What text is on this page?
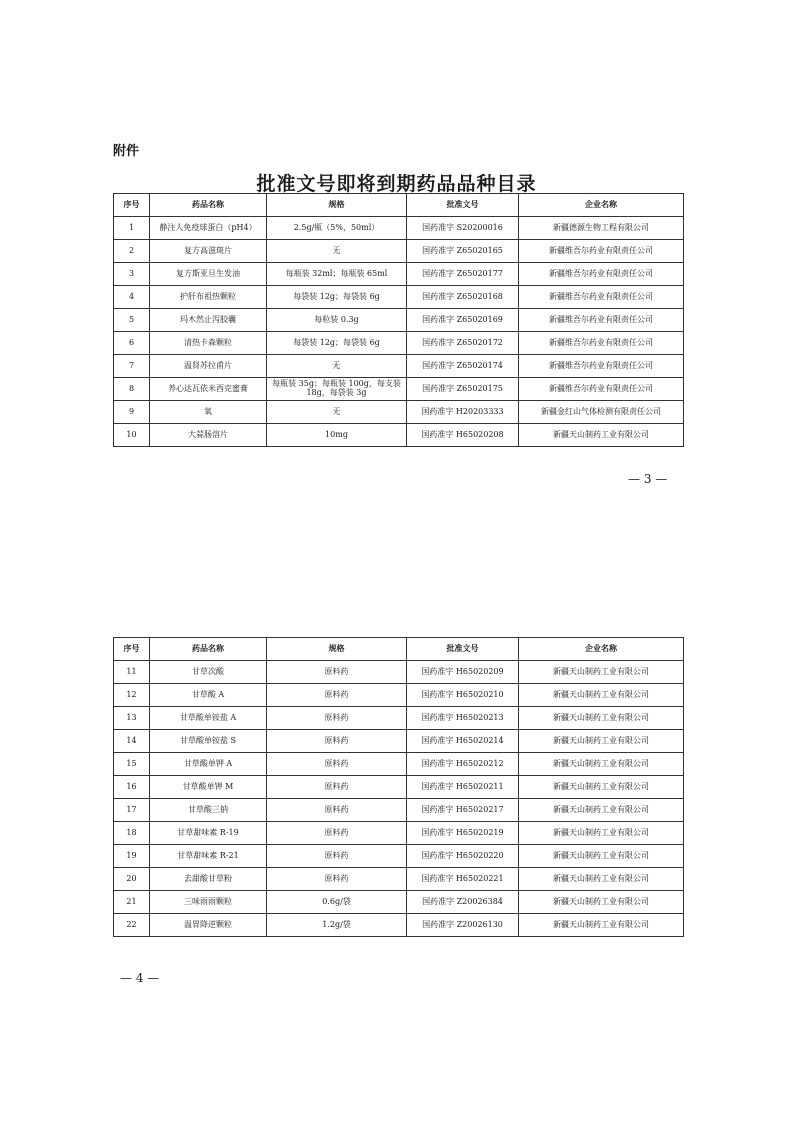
附件
批准文号即将到期药品品种目录
序号	药品名称	规格	批准文号	企业名称
1	静注人免疫球蛋白（pH4）	2.5g/瓶（5%，50ml）	国药准字 S20200016	新疆德源生物工程有限公司
2	复方高滋斑片	无	国药准字 Z65020165	新疆维吾尔药业有限责任公司
3	复方斯亚旦生发油	每瓶装 32ml；每瓶装 65ml	国药准字 Z65020177	新疆维吾尔药业有限责任公司
4	护肝布祖热颗粒	每袋装 12g；每袋装 6g	国药准字 Z65020168	新疆维吾尔药业有限责任公司
5	玛木然止泻胶囊	每粒装 0.3g	国药准字 Z65020169	新疆维吾尔药业有限责任公司
6	清热卡森颗粒	每袋装 12g；每袋装 6g	国药准字 Z65020172	新疆维吾尔药业有限责任公司
7	温肾苏拉甫片	无	国药准字 Z65020174	新疆维吾尔药业有限责任公司
8	养心达瓦依米西克蜜膏	每瓶装 35g；每瓶装 100g，每支装 18g，每袋装 3g	国药准字 Z65020175	新疆维吾尔药业有限责任公司
9	氧	无	国药准字 H20203333	新疆金红山气体检测有限责任公司
10	大蒜肠溶片	10mg	国药准字 H65020208	新疆天山制药工业有限公司
— 3 —
序号	药品名称	规格	批准文号	企业名称
11	甘草次酸	原料药	国药准字 H65020209	新疆天山制药工业有限公司
12	甘草酸 A	原料药	国药准字 H65020210	新疆天山制药工业有限公司
13	甘草酸单铵盐 A	原料药	国药准字 H65020213	新疆天山制药工业有限公司
14	甘草酸单铵盐 S	原料药	国药准字 H65020214	新疆天山制药工业有限公司
15	甘草酸单钾 A	原料药	国药准字 H65020212	新疆天山制药工业有限公司
16	甘草酸单钾 M	原料药	国药准字 H65020211	新疆天山制药工业有限公司
17	甘草酸三钠	原料药	国药准字 H65020217	新疆天山制药工业有限公司
18	甘草甜味素 R-19	原料药	国药准字 H65020219	新疆天山制药工业有限公司
19	甘草甜味素 R-21	原料药	国药准字 H65020220	新疆天山制药工业有限公司
20	去甜酸甘草粉	原料药	国药准字 H65020221	新疆天山制药工业有限公司
21	三味雨雨颗粒	0.6g/袋	国药准字 Z20026384	新疆天山制药工业有限公司
22	温胃降逆颗粒	1.2g/袋	国药准字 Z20026130	新疆天山制药工业有限公司
— 4 —
